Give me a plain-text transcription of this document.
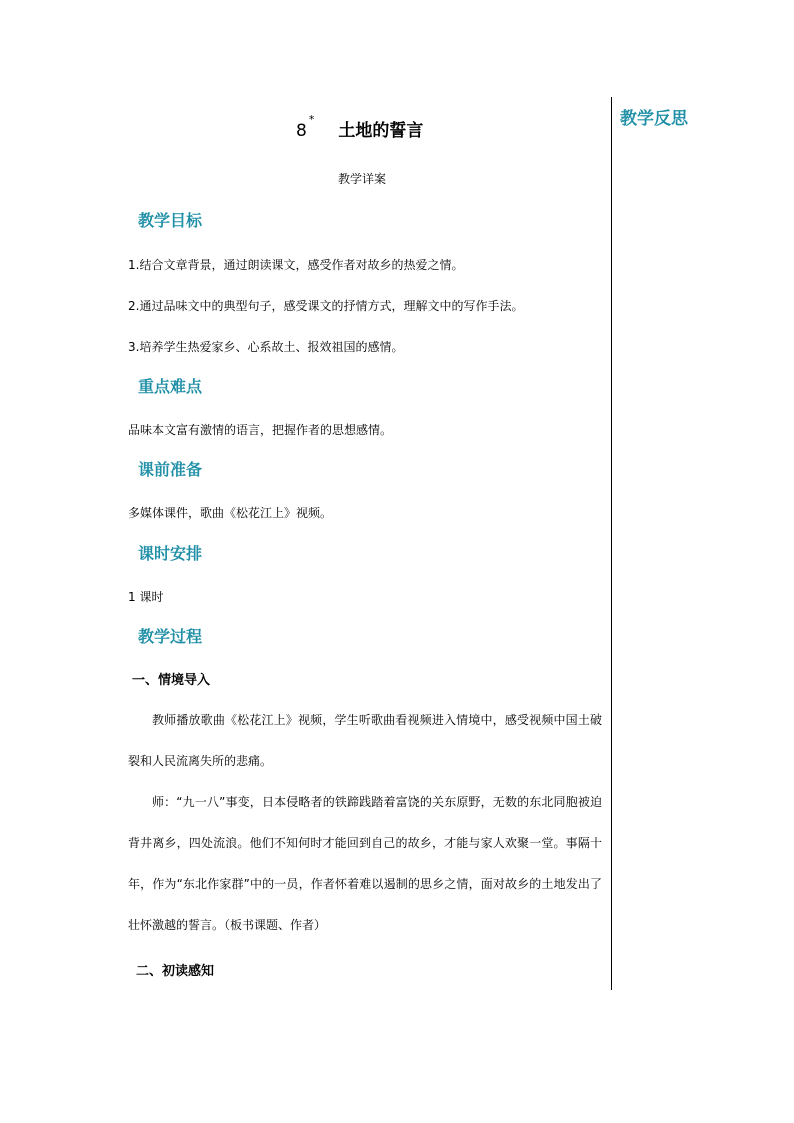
教学反思
8*土地的誓言
教学详案
教学目标
1.结合文章背景，通过朗读课文，感受作者对故乡的热爱之情。
2.通过品味文中的典型句子，感受课文的抒情方式，理解文中的写作手法。
3.培养学生热爱家乡、心系故土、报效祖国的感情。
重点难点
品味本文富有激情的语言，把握作者的思想感情。
课前准备
多媒体课件，歌曲《松花江上》视频。
课时安排
1 课时
教学过程
一、情境导入
教师播放歌曲《松花江上》视频，学生听歌曲看视频进入情境中，感受视频中国土破裂和人民流离失所的悲痛。
师：“九一八”事变，日本侵略者的铁蹄践踏着富饶的关东原野，无数的东北同胞被迫背井离乡，四处流浪。他们不知何时才能回到自己的故乡，才能与家人欢聚一堂。事隔十年，作为“东北作家群”中的一员，作者怀着难以遏制的思乡之情，面对故乡的土地发出了壮怀激越的誓言。（板书课题、作者）
二、初读感知
